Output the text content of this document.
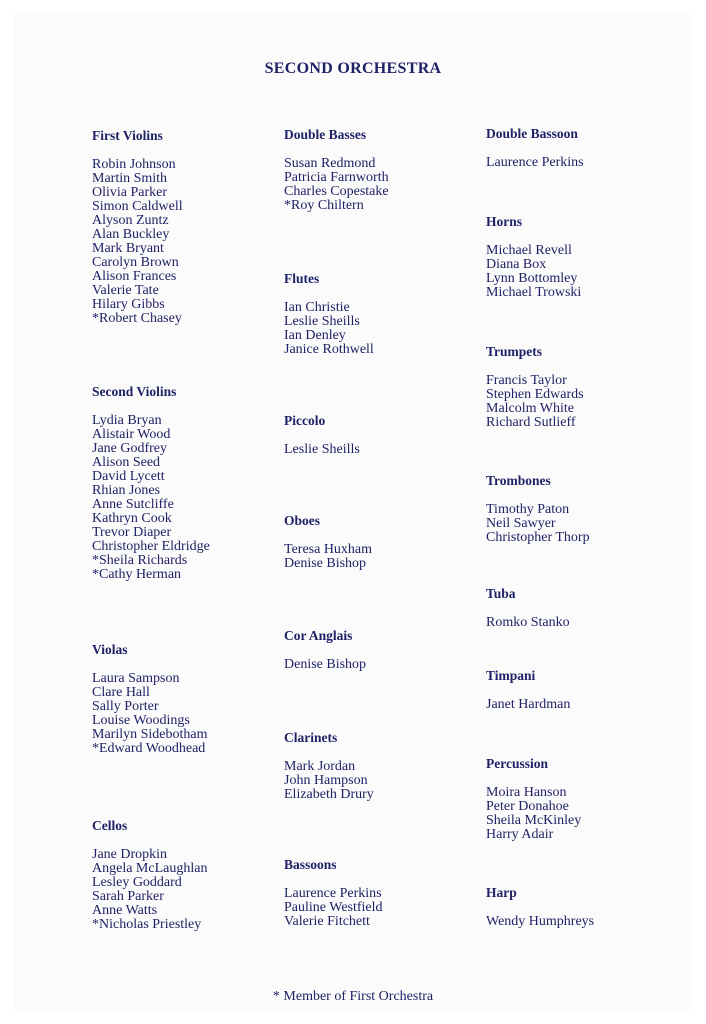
SECOND ORCHESTRA
First Violins
Robin Johnson
Martin Smith
Olivia Parker
Simon Caldwell
Alyson Zuntz
Alan Buckley
Mark Bryant
Carolyn Brown
Alison Frances
Valerie Tate
Hilary Gibbs
*Robert Chasey
Second Violins
Lydia Bryan
Alistair Wood
Jane Godfrey
Alison Seed
David Lycett
Rhian Jones
Anne Sutcliffe
Kathryn Cook
Trevor Diaper
Christopher Eldridge
*Sheila Richards
*Cathy Herman
Violas
Laura Sampson
Clare Hall
Sally Porter
Louise Woodings
Marilyn Sidebotham
*Edward Woodhead
Cellos
Jane Dropkin
Angela McLaughlan
Lesley Goddard
Sarah Parker
Anne Watts
*Nicholas Priestley
Double Basses
Susan Redmond
Patricia Farnworth
Charles Copestake
*Roy Chiltern
Flutes
Ian Christie
Leslie Sheills
Ian Denley
Janice Rothwell
Piccolo
Leslie Sheills
Oboes
Teresa Huxham
Denise Bishop
Cor Anglais
Denise Bishop
Clarinets
Mark Jordan
John Hampson
Elizabeth Drury
Bassoons
Laurence Perkins
Pauline Westfield
Valerie Fitchett
Double Bassoon
Laurence Perkins
Horns
Michael Revell
Diana Box
Lynn Bottomley
Michael Trowski
Trumpets
Francis Taylor
Stephen Edwards
Malcolm White
Richard Sutlieff
Trombones
Timothy Paton
Neil Sawyer
Christopher Thorp
Tuba
Romko Stanko
Timpani
Janet Hardman
Percussion
Moira Hanson
Peter Donahoe
Sheila McKinley
Harry Adair
Harp
Wendy Humphreys
* Member of First Orchestra
